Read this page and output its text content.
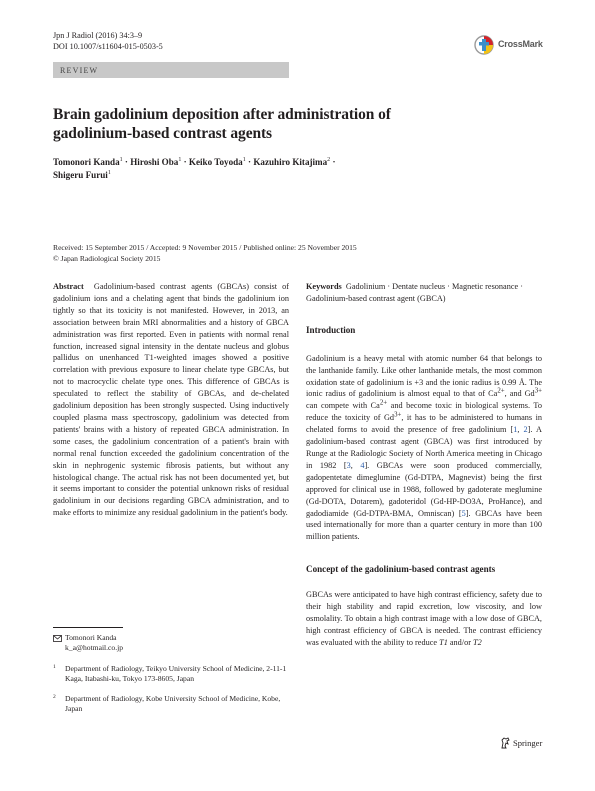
Jpn J Radiol (2016) 34:3–9
DOI 10.1007/s11604-015-0503-5	CrossMark
REVIEW
Brain gadolinium deposition after administration of gadolinium-based contrast agents
Tomonori Kanda$^1$ · Hiroshi Oba$^1$ · Keiko Toyoda$^1$ · Kazuhiro Kitajima$^2$ ·
Shigeru Furui$^1$
Received: 15 September 2015 / Accepted: 9 November 2015 / Published online: 25 November 2015
© Japan Radiological Society 2015

Abstract Gadolinium-based contrast agents (GBCAs) consist of gadolinium ions and a chelating agent that binds the gadolinium ion tightly so that its toxicity is not manifested. However, in 2013, an association between brain MRI abnormalities and a history of GBCA administration was first reported. Even in patients with normal renal function, increased signal intensity in the dentate nucleus and globus pallidus on unenhanced T1-weighted images showed a positive correlation with previous exposure to linear chelate type GBCAs, but not to macrocyclic chelate type ones. This difference of GBCAs is speculated to reflect the stability of GBCAs, and de-chelated gadolinium deposition has been strongly suspected. Using inductively coupled plasma mass spectroscopy, gadolinium was detected from patients' brains with a history of repeated GBCA administration. In some cases, the gadolinium concentration of a patient's brain with normal renal function exceeded the gadolinium concentration of the skin in nephrogenic systemic fibrosis patients, but without any histological change. The actual risk has not been documented yet, but it seems important to consider the potential unknown risks of residual gadolinium in our decisions regarding GBCA administration, and to make efforts to minimize any residual gadolinium in the patient's body.

Keywords Gadolinium · Dentate nucleus · Magnetic resonance · Gadolinium-based contrast agent (GBCA)

Introduction

Gadolinium is a heavy metal with atomic number 64 that belongs to the lanthanide family. Like other lanthanide metals, the most common oxidation state of gadolinium is +3 and the ionic radius is 0.99 Å. The ionic radius of gadolinium is almost equal to that of $Ca^{2+}$, and $Gd^{3+}$ can compete with $Ca^{2+}$ and become toxic in biological systems. To reduce the toxicity of $Gd^{3+}$, it has to be administered to humans in chelated forms to avoid the presence of free gadolinium [1, 2]. A gadolinium-based contrast agent (GBCA) was first introduced by Runge at the Radiologic Society of North America meeting in Chicago in 1982 [3, 4]. GBCAs were soon produced commercially, gadopentetate dimeglumine (Gd-DTPA, Magnevist) being the first approved for clinical use in 1988, followed by gadoterate meglumine (Gd-DOTA, Dotarem), gadoteridol (Gd-HP-DO3A, ProHance), and gadodiamide (Gd-DTPA-BMA, Omniscan) [5]. GBCAs have been used internationally for more than a quarter century in more than 100 million patients.

Concept of the gadolinium-based contrast agents

GBCAs were anticipated to have high contrast efficiency, safety due to their high stability and rapid excretion, low viscosity, and low osmolality. To obtain a high contrast image with a low dose of GBCA, high contrast efficiency of GBCA is needed. The contrast efficiency was evaluated with the ability to reduce T1 and/or T2

Tomonori Kanda
k_a@hotmail.co.jp
1 Department of Radiology, Teikyo University School of Medicine, 2-11-1 Kaga, Itabashi-ku, Tokyo 173-8605, Japan
2 Department of Radiology, Kobe University School of Medicine, Kobe, Japan
Springer
